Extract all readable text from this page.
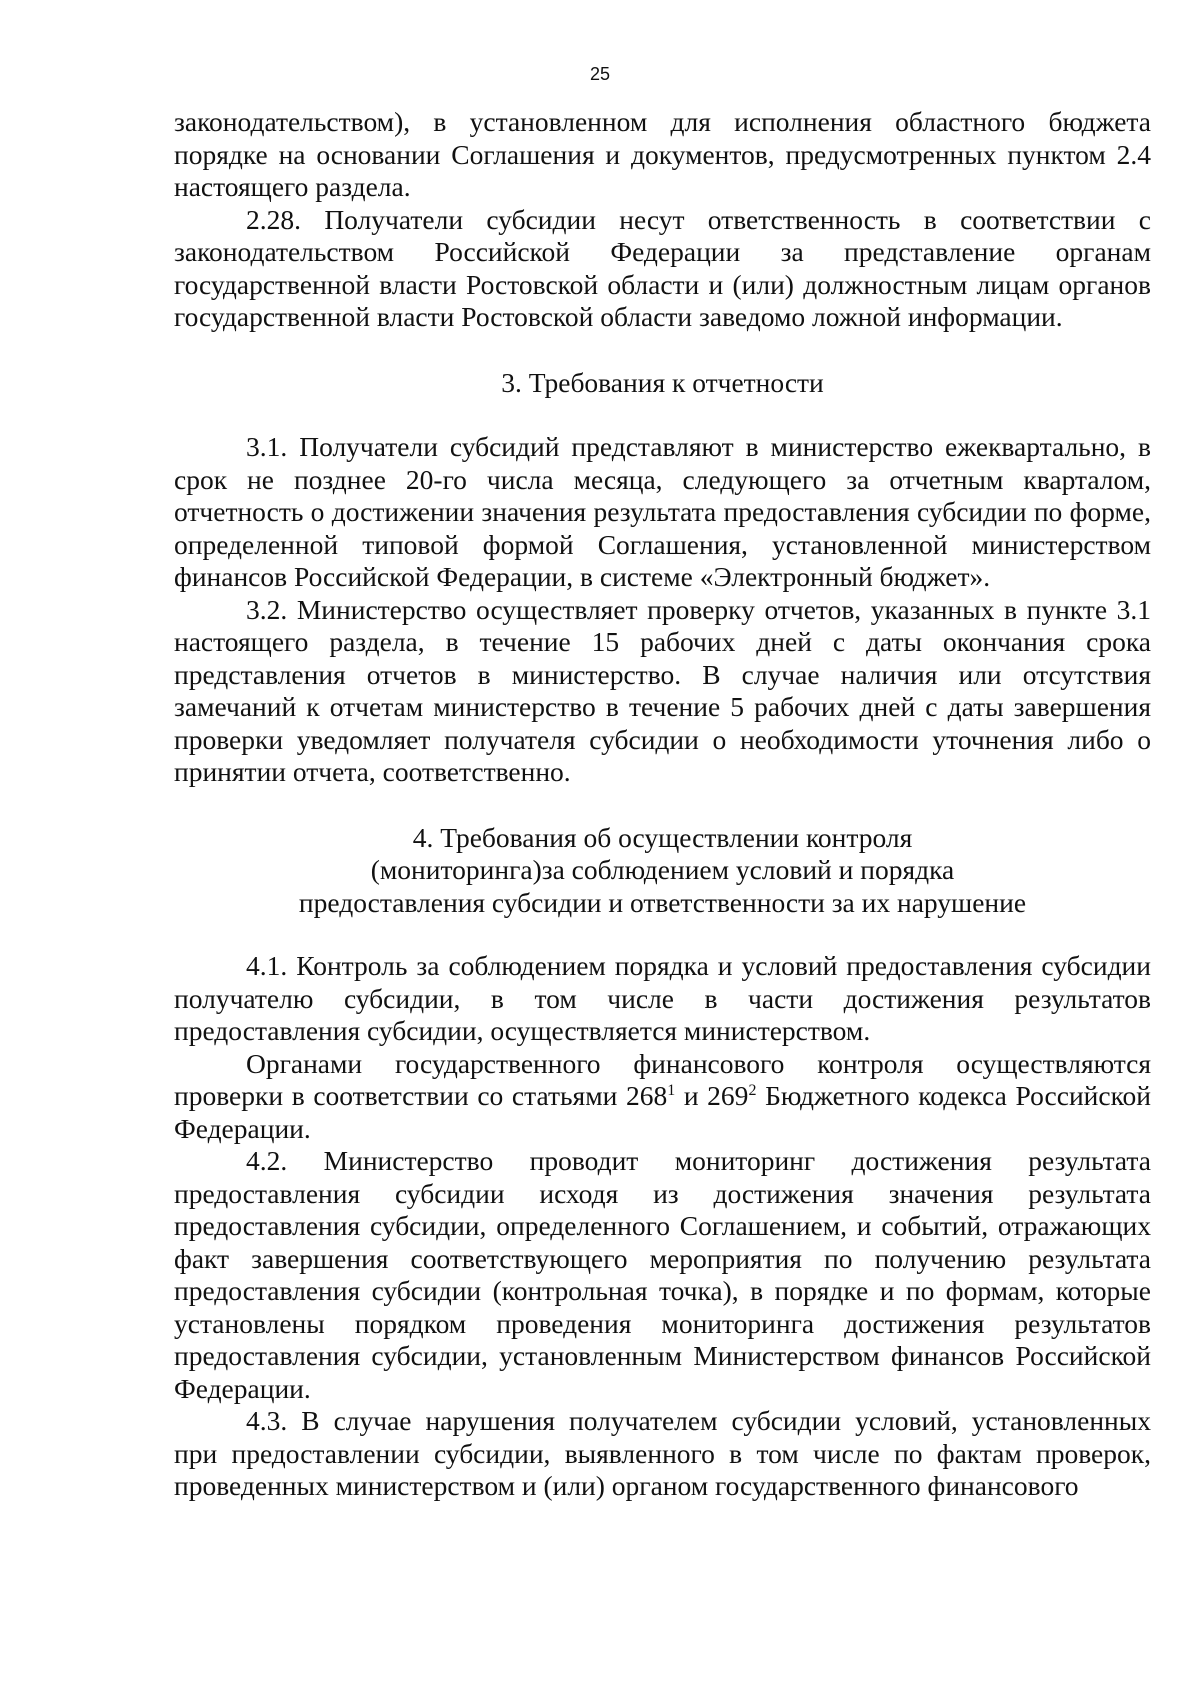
25

законодательством), в установленном для исполнения областного бюджета порядке на основании Соглашения и документов, предусмотренных пунктом 2.4 настоящего раздела.

2.28. Получатели субсидии несут ответственность в соответствии с законодательством Российской Федерации за представление органам государственной власти Ростовской области и (или) должностным лицам органов государственной власти Ростовской области заведомо ложной информации.

3. Требования к отчетности

3.1. Получатели субсидий представляют в министерство ежеквартально, в срок не позднее 20-го числа месяца, следующего за отчетным кварталом, отчетность о достижении значения результата предоставления субсидии по форме, определенной типовой формой Соглашения, установленной министерством финансов Российской Федерации, в системе «Электронный бюджет».

3.2. Министерство осуществляет проверку отчетов, указанных в пункте 3.1 настоящего раздела, в течение 15 рабочих дней с даты окончания срока представления отчетов в министерство. В случае наличия или отсутствия замечаний к отчетам министерство в течение 5 рабочих дней с даты завершения проверки уведомляет получателя субсидии о необходимости уточнения либо о принятии отчета, соответственно.

4. Требования об осуществлении контроля
(мониторинга)за соблюдением условий и порядка
предоставления субсидии и ответственности за их нарушение

4.1. Контроль за соблюдением порядка и условий предоставления субсидии получателю субсидии, в том числе в части достижения результатов предоставления субсидии, осуществляется министерством.

Органами государственного финансового контроля осуществляются проверки в соответствии со статьями $268^1$ и $269^2$ Бюджетного кодекса Российской Федерации.

4.2. Министерство проводит мониторинг достижения результата предоставления субсидии исходя из достижения значения результата предоставления субсидии, определенного Соглашением, и событий, отражающих факт завершения соответствующего мероприятия по получению результата предоставления субсидии (контрольная точка), в порядке и по формам, которые установлены порядком проведения мониторинга достижения результатов предоставления субсидии, установленным Министерством финансов Российской Федерации.

4.3. В случае нарушения получателем субсидии условий, установленных при предоставлении субсидии, выявленного в том числе по фактам проверок, проведенных министерством и (или) органом государственного финансового
